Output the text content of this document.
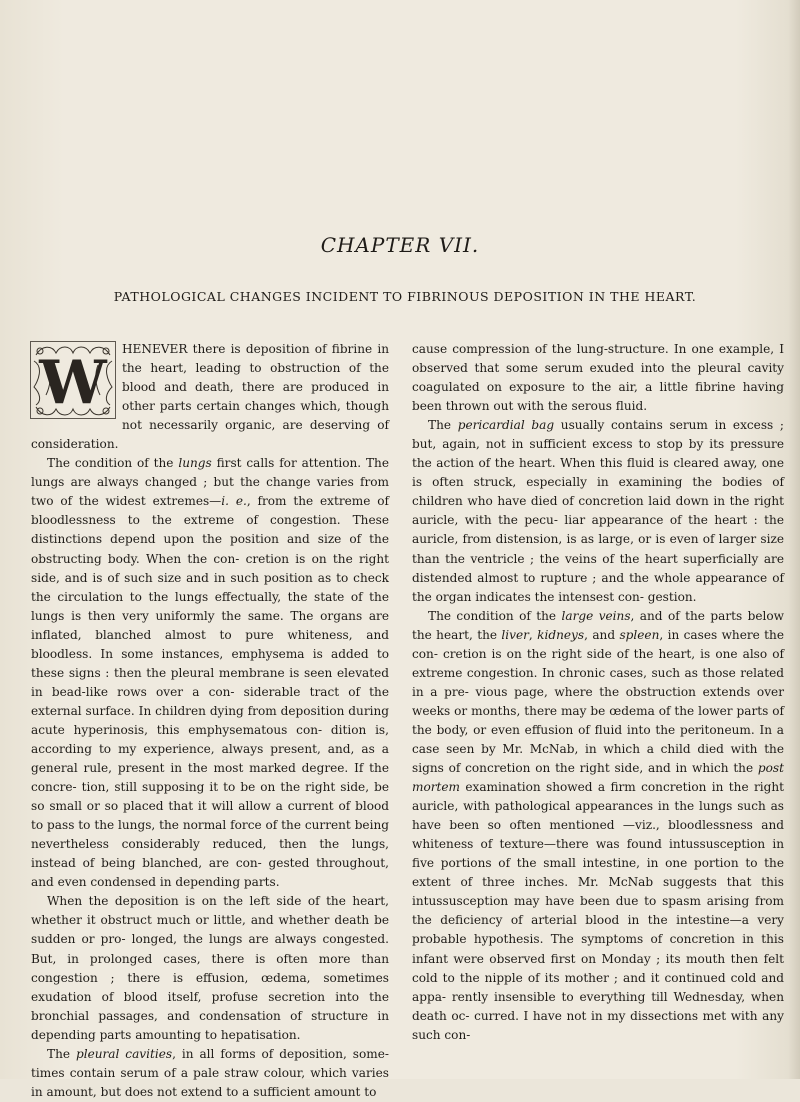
CHAPTER VII.
PATHOLOGICAL CHANGES INCIDENT TO FIBRINOUS DEPOSITION IN THE HEART.

W HENEVER there is deposition of fibrine in the heart, leading to obstruction of the blood and death, there are produced in other parts certain changes which, though not necessarily organic, are deserving of consideration.

The condition of the lungs first calls for attention. The lungs are always changed ; but the change varies from two of the widest extremes—i. e., from the extreme of bloodlessness to the extreme of congestion. These distinctions depend upon the position and size of the obstructing body. When the con- cretion is on the right side, and is of such size and in such position as to check the circulation to the lungs effectually, the state of the lungs is then very uniformly the same. The organs are inflated, blanched almost to pure whiteness, and bloodless. In some instances, emphysema is added to these signs : then the pleural membrane is seen elevated in bead-like rows over a con- siderable tract of the external surface. In children dying from deposition during acute hyperinosis, this emphysematous con- dition is, according to my experience, always present, and, as a general rule, present in the most marked degree. If the concre- tion, still supposing it to be on the right side, be so small or so placed that it will allow a current of blood to pass to the lungs, the normal force of the current being nevertheless considerably reduced, then the lungs, instead of being blanched, are con- gested throughout, and even condensed in depending parts.

When the deposition is on the left side of the heart, whether it obstruct much or little, and whether death be sudden or pro- longed, the lungs are always congested. But, in prolonged cases, there is often more than congestion ; there is effusion, œdema, sometimes exudation of blood itself, profuse secretion into the bronchial passages, and condensation of structure in depending parts amounting to hepatisation.

The pleural cavities, in all forms of deposition, some- times contain serum of a pale straw colour, which varies in amount, but does not extend to a sufficient amount to

cause compression of the lung-structure. In one example, I observed that some serum exuded into the pleural cavity coagulated on exposure to the air, a little fibrine having been thrown out with the serous fluid.

The pericardial bag usually contains serum in excess ; but, again, not in sufficient excess to stop by its pressure the action of the heart. When this fluid is cleared away, one is often struck, especially in examining the bodies of children who have died of concretion laid down in the right auricle, with the pecu- liar appearance of the heart : the auricle, from distension, is as large, or is even of larger size than the ventricle ; the veins of the heart superficially are distended almost to rupture ; and the whole appearance of the organ indicates the intensest con- gestion.

The condition of the large veins, and of the parts below the heart, the liver, kidneys, and spleen, in cases where the con- cretion is on the right side of the heart, is one also of extreme congestion. In chronic cases, such as those related in a pre- vious page, where the obstruction extends over weeks or months, there may be œdema of the lower parts of the body, or even effusion of fluid into the peritoneum. In a case seen by Mr. McNab, in which a child died with the signs of concretion on the right side, and in which the post mortem examination showed a firm concretion in the right auricle, with pathological appearances in the lungs such as have been so often mentioned —viz., bloodlessness and whiteness of texture—there was found intussusception in five portions of the small intestine, in one portion to the extent of three inches. Mr. McNab suggests that this intussusception may have been due to spasm arising from the deficiency of arterial blood in the intestine—a very probable hypothesis. The symptoms of concretion in this infant were observed first on Monday ; its mouth then felt cold to the nipple of its mother ; and it continued cold and appa- rently insensible to everything till Wednesday, when death oc- curred. I have not in my dissections met with any such con-
